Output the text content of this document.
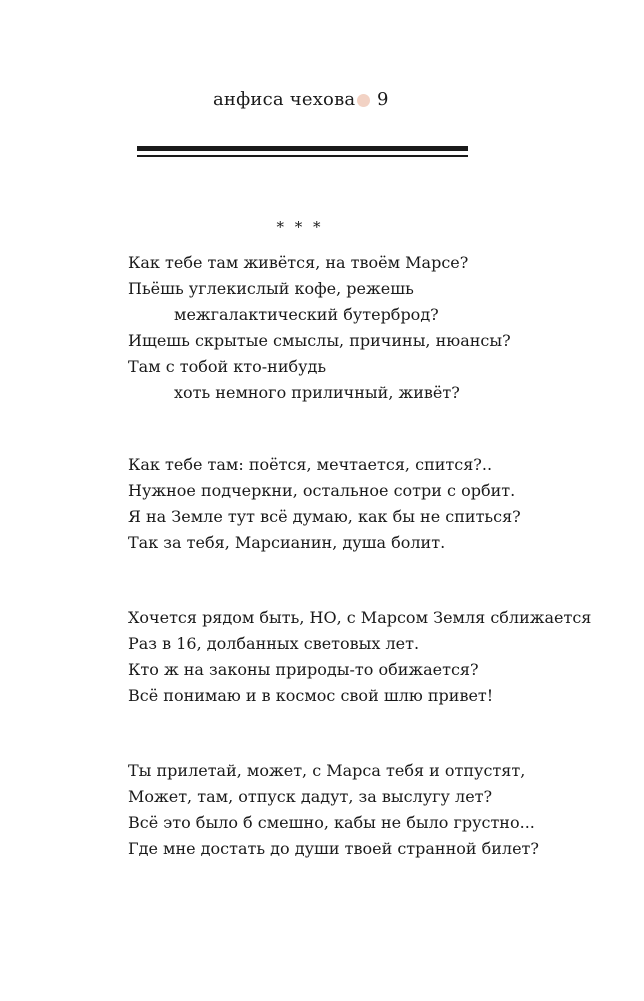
анфиса чехова 9
* * *
Как тебе там живётся, на твоём Марсе?
Пьёшь углекислый кофе, режешь
межгалактический бутерброд?
Ищешь скрытые смыслы, причины, нюансы?
Там с тобой кто-нибудь
хоть немного приличный, живёт?
Как тебе там: поётся, мечтается, спится?..
Нужное подчеркни, остальное сотри с орбит.
Я на Земле тут всё думаю, как бы не спиться?
Так за тебя, Марсианин, душа болит.
Хочется рядом быть, НО, с Марсом Земля сближается
Раз в 16, долбанных световых лет.
Кто ж на законы природы-то обижается?
Всё понимаю и в космос свой шлю привет!
Ты прилетай, может, с Марса тебя и отпустят,
Может, там, отпуск дадут, за выслугу лет?
Всё это было б смешно, кабы не было грустно...
Где мне достать до души твоей странной билет?
